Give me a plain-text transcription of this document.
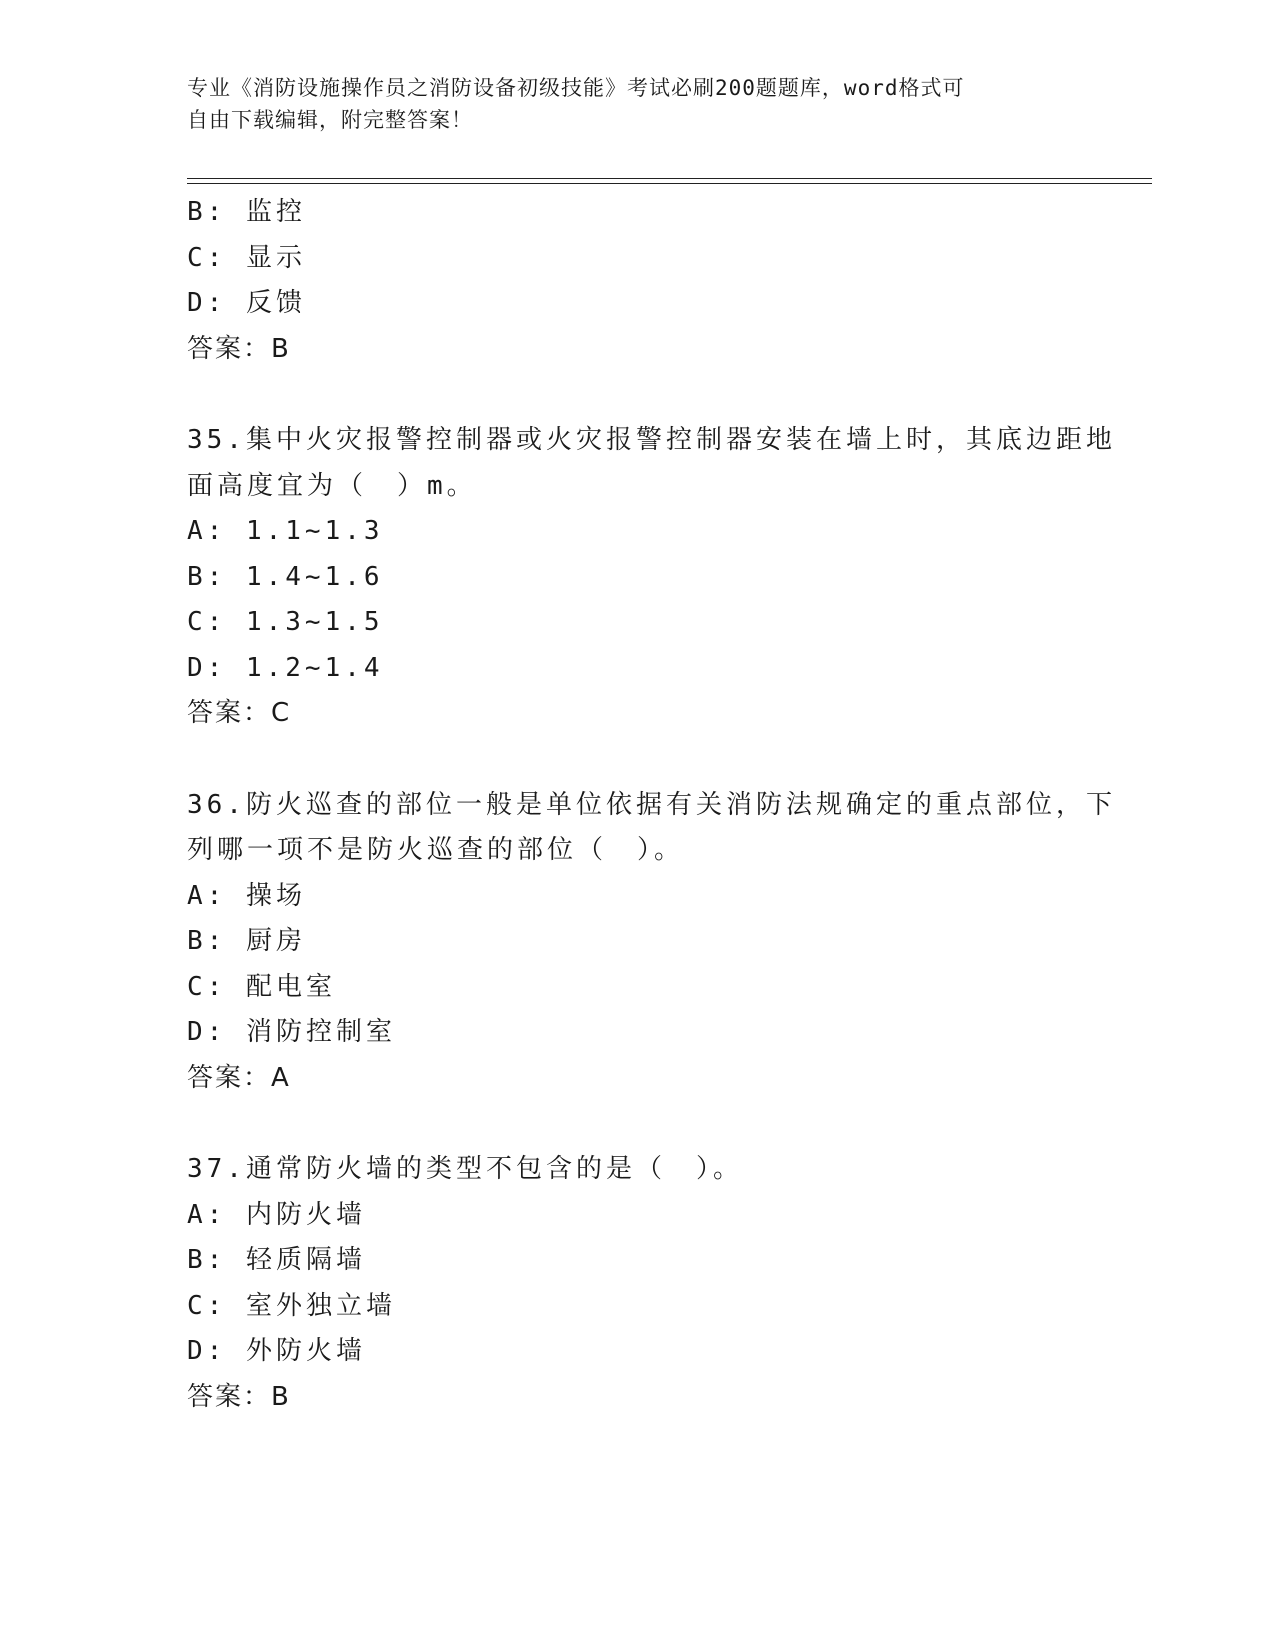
专业《消防设施操作员之消防设备初级技能》考试必刷200题题库，word格式可
自由下载编辑，附完整答案！
B: 监控
C: 显示
D: 反馈
答案：B
35.集中火灾报警控制器或火灾报警控制器安装在墙上时，其底边距地
面高度宜为（　）m。
A: 1.1~1.3
B: 1.4~1.6
C: 1.3~1.5
D: 1.2~1.4
答案：C
36.防火巡查的部位一般是单位依据有关消防法规确定的重点部位，下
列哪一项不是防火巡查的部位（　）。
A: 操场
B: 厨房
C: 配电室
D: 消防控制室
答案：A
37.通常防火墙的类型不包含的是（　）。
A: 内防火墙
B: 轻质隔墙
C: 室外独立墙
D: 外防火墙
答案：B
